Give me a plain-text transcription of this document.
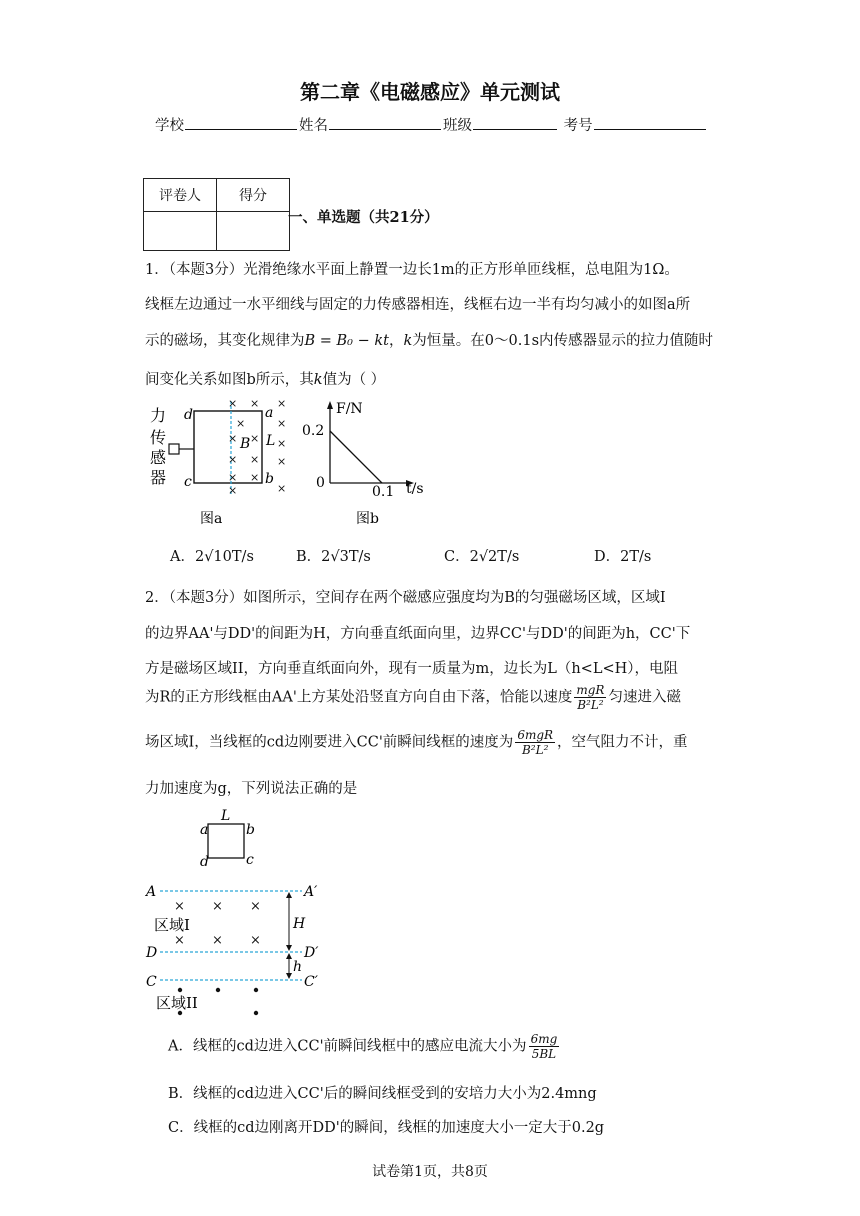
第二章《电磁感应》单元测试
学校	姓名	班级	考号
评卷人	得分

一、单选题（共21分）
1．（本题3分）光滑绝缘水平面上静置一边长1m的正方形单匝线框，总电阻为1Ω。
线框左边通过一水平细线与固定的力传感器相连，线框右边一半有均匀减小的如图a所
示的磁场，其变化规律为B = B₀ − kt，k为恒量。在0～0.1s内传感器显示的拉力值随时
间变化关系如图b所示，其k值为（ ）
力
传
感
器
× × ×
×	×
× × ×
× × ×
× ×
×	×
d	a
c	b
B L
图a
F/N
t/s
0.2
0
0.1
图b
A．2√10T/s	B．2√3T/s	C．2√2T/s	D．2T/s
2．（本题3分）如图所示，空间存在两个磁感应强度均为B的匀强磁场区域，区域I
的边界AA'与DD'的间距为H，方向垂直纸面向里，边界CC'与DD'的间距为h，CC'下
方是磁场区域II，方向垂直纸面向外，现有一质量为m，边长为L（h<L<H），电阻
为R的正方形线框由AA'上方某处沿竖直方向自由下落，恰能以速度 $\frac{\text{mgR}}{\text{B²L²}}$ 匀速进入磁
场区域I，当线框的cd边刚要进入CC'前瞬间线框的速度为 $\frac{\text{6mgR}}{\text{B²L²}}$ ，空气阻力不计，重
力加速度为g，下列说法正确的是
L
a	b
d	c
A	A′
D	D′
C	C′
× × ×
× × ×
区域I
区域II
H
h
A．线框的cd边进入CC'前瞬间线框中的感应电流大小为 $\frac{6mg}{5BL}$
B．线框的cd边进入CC'后的瞬间线框受到的安培力大小为2.4mng
C．线框的cd边刚离开DD'的瞬间，线框的加速度大小一定大于0.2g
试卷第1页，共8页
